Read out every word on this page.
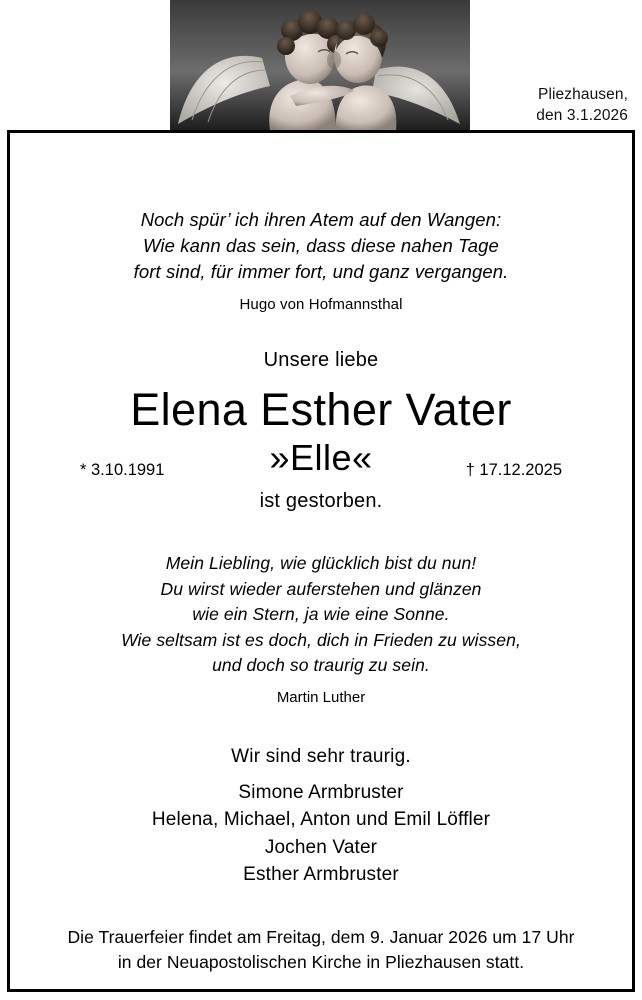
Pliezhausen,
den 3.1.2026
Noch spür’ ich ihren Atem auf den Wangen:
Wie kann das sein, dass diese nahen Tage
fort sind, für immer fort, und ganz vergangen.
Hugo von Hofmannsthal
Unsere liebe
Elena Esther Vater
* 3.10.1991	»Elle«	† 17.12.2025
ist gestorben.
Mein Liebling, wie glücklich bist du nun!
Du wirst wieder auferstehen und glänzen
wie ein Stern, ja wie eine Sonne.
Wie seltsam ist es doch, dich in Frieden zu wissen,
und doch so traurig zu sein.
Martin Luther
Wir sind sehr traurig.
Simone Armbruster
Helena, Michael, Anton und Emil Löffler
Jochen Vater
Esther Armbruster
Die Trauerfeier findet am Freitag, dem 9. Januar 2026 um 17 Uhr
in der Neuapostolischen Kirche in Pliezhausen statt.
